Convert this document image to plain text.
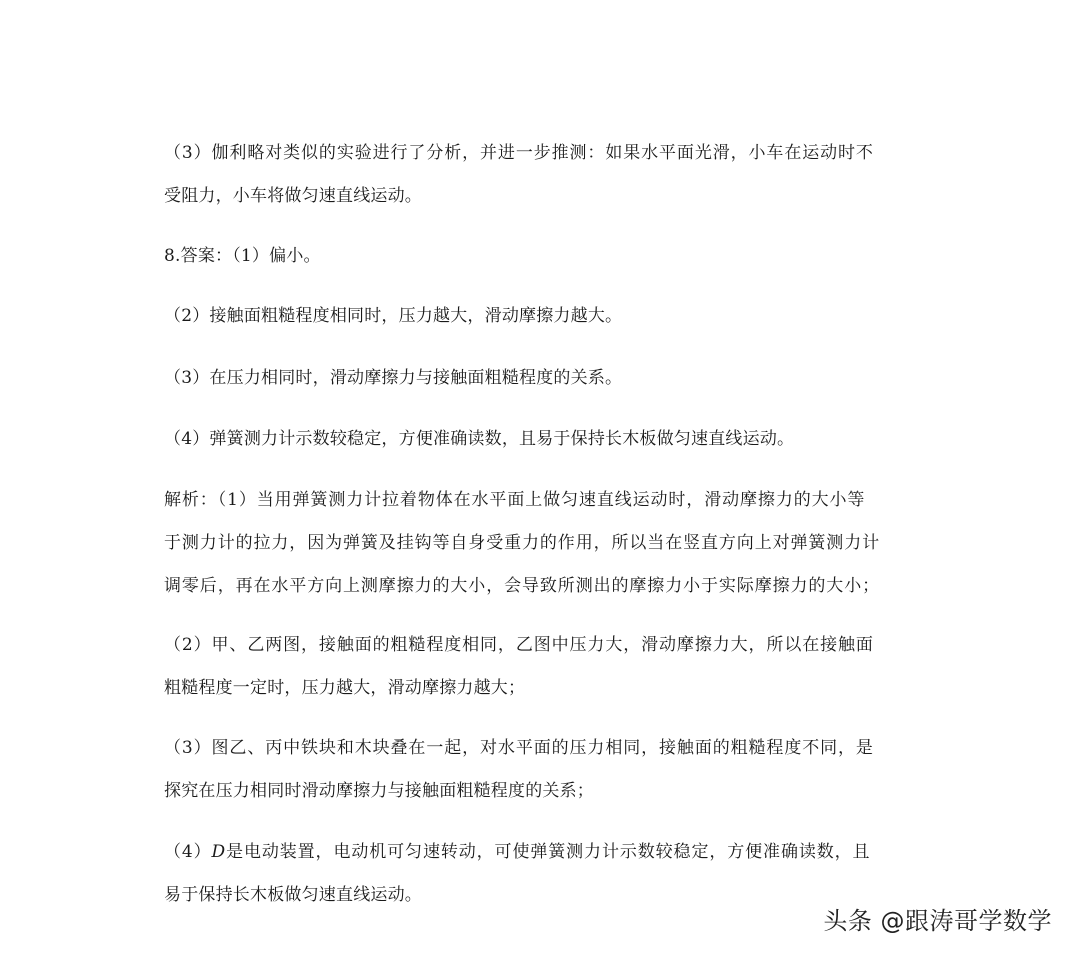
（3）伽利略对类似的实验进行了分析，并进一步推测：如果水平面光滑，小车在运动时不
受阻力，小车将做匀速直线运动。
8.答案：（1）偏小。
（2）接触面粗糙程度相同时，压力越大，滑动摩擦力越大。
（3）在压力相同时，滑动摩擦力与接触面粗糙程度的关系。
（4）弹簧测力计示数较稳定，方便准确读数，且易于保持长木板做匀速直线运动。
解析：（1）当用弹簧测力计拉着物体在水平面上做匀速直线运动时，滑动摩擦力的大小等
于测力计的拉力，因为弹簧及挂钩等自身受重力的作用，所以当在竖直方向上对弹簧测力计
调零后，再在水平方向上测摩擦力的大小，会导致所测出的摩擦力小于实际摩擦力的大小；
（2）甲、乙两图，接触面的粗糙程度相同，乙图中压力大，滑动摩擦力大，所以在接触面
粗糙程度一定时，压力越大，滑动摩擦力越大；
（3）图乙、丙中铁块和木块叠在一起，对水平面的压力相同，接触面的粗糙程度不同，是
探究在压力相同时滑动摩擦力与接触面粗糙程度的关系；
（4）D是电动装置，电动机可匀速转动，可使弹簧测力计示数较稳定，方便准确读数，且
易于保持长木板做匀速直线运动。
头条 @跟涛哥学数学
